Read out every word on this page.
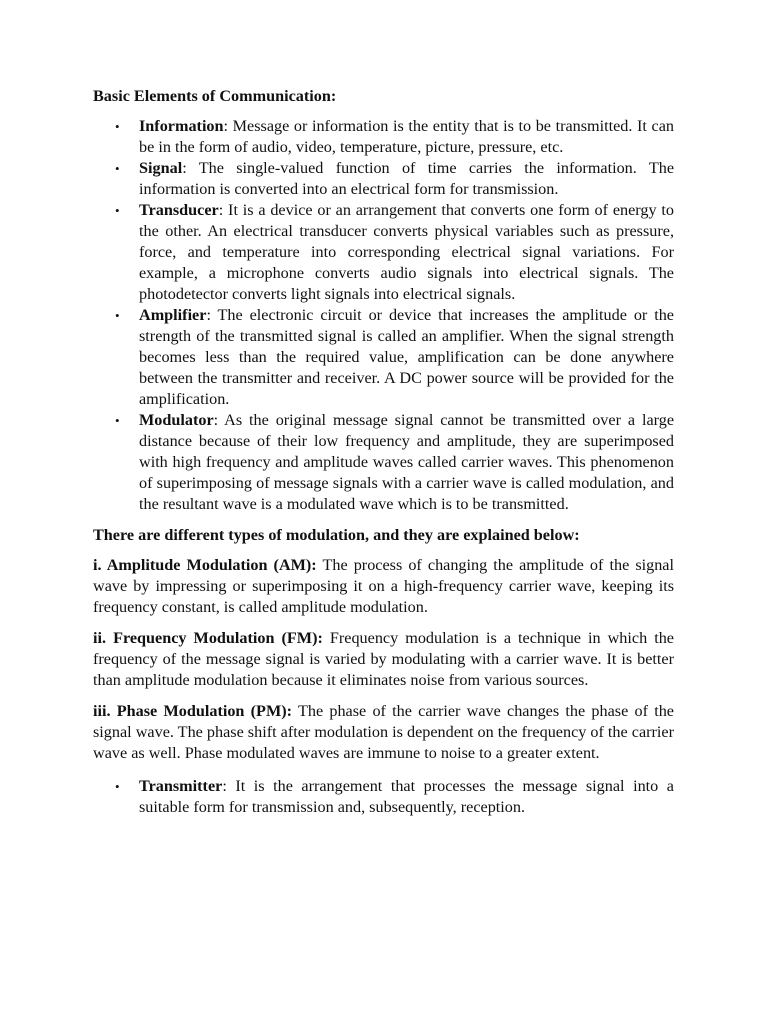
Basic Elements of Communication:
• Information: Message or information is the entity that is to be transmitted. It can be in the form of audio, video, temperature, picture, pressure, etc.
• Signal: The single-valued function of time carries the information. The information is converted into an electrical form for transmission.
• Transducer: It is a device or an arrangement that converts one form of energy to the other. An electrical transducer converts physical variables such as pressure, force, and temperature into corresponding electrical signal variations. For example, a microphone converts audio signals into electrical signals. The photodetector converts light signals into electrical signals.
• Amplifier: The electronic circuit or device that increases the amplitude or the strength of the transmitted signal is called an amplifier. When the signal strength becomes less than the required value, amplification can be done anywhere between the transmitter and receiver. A DC power source will be provided for the amplification.
• Modulator: As the original message signal cannot be transmitted over a large distance because of their low frequency and amplitude, they are superimposed with high frequency and amplitude waves called carrier waves. This phenomenon of superimposing of message signals with a carrier wave is called modulation, and the resultant wave is a modulated wave which is to be transmitted.
There are different types of modulation, and they are explained below:

i. Amplitude Modulation (AM): The process of changing the amplitude of the signal wave by impressing or superimposing it on a high-frequency carrier wave, keeping its frequency constant, is called amplitude modulation.

ii. Frequency Modulation (FM): Frequency modulation is a technique in which the frequency of the message signal is varied by modulating with a carrier wave. It is better than amplitude modulation because it eliminates noise from various sources.

iii. Phase Modulation (PM): The phase of the carrier wave changes the phase of the signal wave. The phase shift after modulation is dependent on the frequency of the carrier wave as well. Phase modulated waves are immune to noise to a greater extent.

• Transmitter: It is the arrangement that processes the message signal into a suitable form for transmission and, subsequently, reception.
